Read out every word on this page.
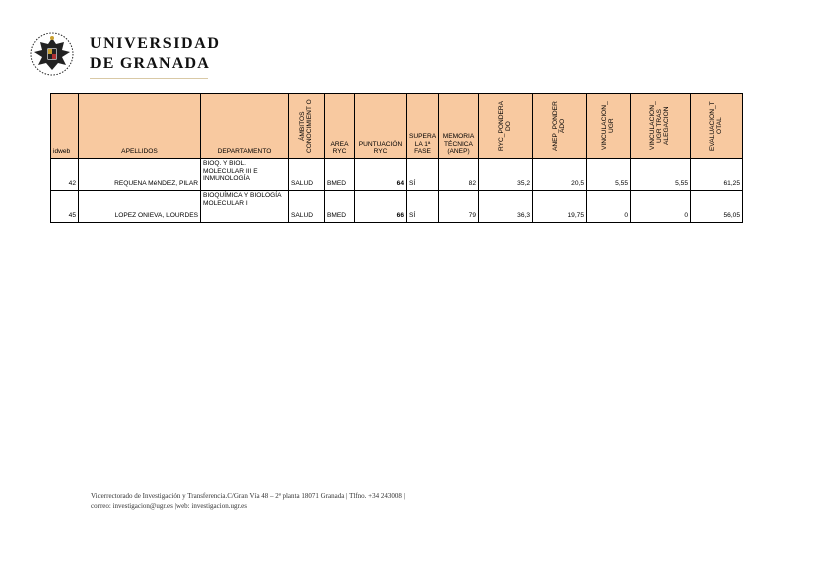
UNIVERSIDAD
DE GRANADA
idweb	APELLIDOS	DEPARTAMENTO	ÁMBITOS CONOCIMIENT O	AREA RYC	PUNTUACIÓN RYC	SUPERA LA 1ª FASE	MEMORIA TÉCNICA (ANEP)	RYC_PONDERA DO	ANEP_PONDER ADO	VINCULACION_ UGR	VINCULACION_ UGR TRAS ALEGACION	EVALUACION_T OTAL

42	REQUENA MéNDEZ, PILAR	BIOQ. Y BIOL. MOLECULAR III E INMUNOLOGÍA	SALUD	BMED	64	SÍ	82	35,2	20,5	5,55	5,55	61,25
45	LOPEZ ONIEVA, LOURDES	BIOQUÍMICA Y BIOLOGÍA MOLECULAR I	SALUD	BMED	66	SÍ	79	36,3	19,75	0	0	56,05
Vicerrectorado de Investigación y Transferencia.C/Gran Vía 48 – 2ª planta 18071 Granada | Tlfno. +34 243008 |
correo: investigacion@ugr.es |web: investigacion.ugr.es
